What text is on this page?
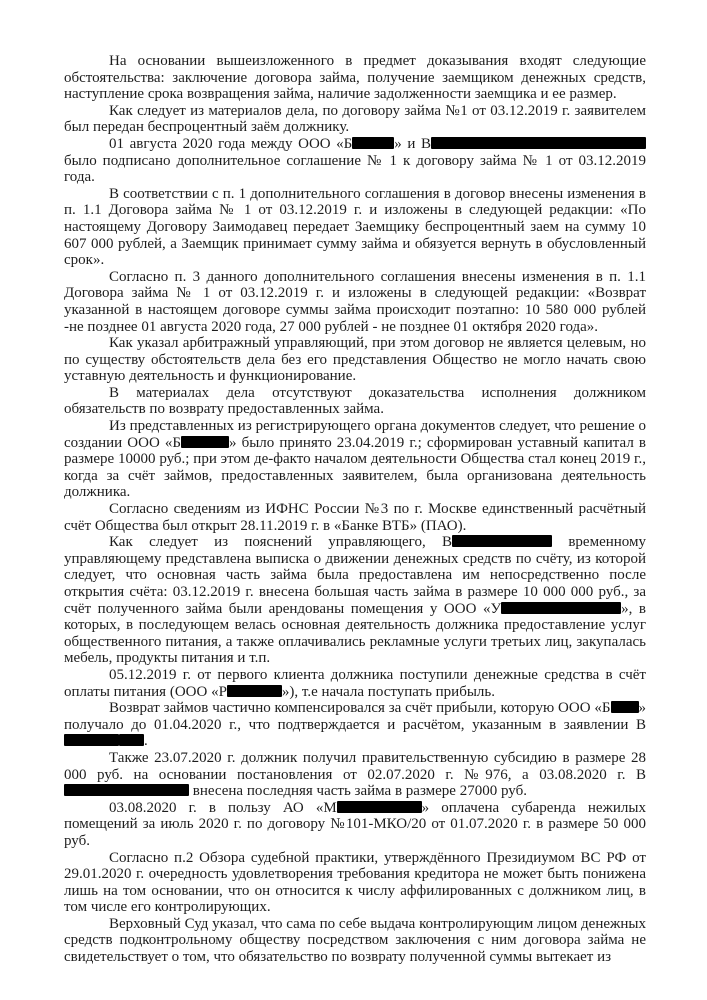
На основании вышеизложенного в предмет доказывания входят следующие обстоятельства: заключение договора займа, получение заемщиком денежных средств, наступление срока возвращения займа, наличие задолженности заемщика и ее размер.

Как следует из материалов дела, по договору займа №1 от 03.12.2019 г. заявителем был передан беспроцентный заём должнику.

01 августа 2020 года между ООО «Б	» и В было подписано дополнительное соглашение № 1 к договору займа № 1 от 03.12.2019 года.

В соответствии с п. 1 дополнительного соглашения в договор внесены изменения в п. 1.1 Договора займа № 1 от 03.12.2019 г. и изложены в следующей редакции: «По настоящему Договору Заимодавец передает Заемщику беспроцентный заем на сумму 10 607 000 рублей, а Заемщик принимает сумму займа и обязуется вернуть в обусловленный срок».

Согласно п. 3 данного дополнительного соглашения внесены изменения в п. 1.1 Договора займа № 1 от 03.12.2019 г. и изложены в следующей редакции: «Возврат указанной в настоящем договоре суммы займа происходит поэтапно: 10 580 000 рублей -не позднее 01 августа 2020 года, 27 000 рублей - не позднее 01 октября 2020 года».

Как указал арбитражный управляющий, при этом договор не является целевым, но по существу обстоятельств дела без его представления Общество не могло начать свою уставную деятельность и функционирование.

В материалах дела отсутствуют доказательства исполнения должником обязательств по возврату предоставленных займа.

Из представленных из регистрирующего органа документов следует, что решение о создании ООО «Б	» было принято 23.04.2019 г.; сформирован уставный капитал в размере 10000 руб.; при этом де-факто началом деятельности Общества стал конец 2019 г., когда за счёт займов, предоставленных заявителем, была организована деятельность должника.

Согласно сведениям из ИФНС России №3 по г. Москве единственный расчётный счёт Общества был открыт 28.11.2019 г. в «Банке ВТБ» (ПАО).

Как следует из пояснений управляющего, В	временному управляющему представлена выписка о движении денежных средств по счёту, из которой следует, что основная часть займа была предоставлена им непосредственно после открытия счёта: 03.12.2019 г. внесена большая часть займа в размере 10 000 000 руб., за счёт полученного займа были арендованы помещения у ООО «У	», в которых, в последующем велась основная деятельность должника предоставление услуг общественного питания, а также оплачивались рекламные услуги третьих лиц, закупалась мебель, продукты питания и т.п.

05.12.2019 г. от первого клиента должника поступили денежные средства в счёт оплаты питания (ООО «Р	»), т.е начала поступать прибыль.

Возврат займов частично компенсировался за счёт прибыли, которую ООО «Б » получало до 01.04.2020 г., что подтверждается и расчётом, указанным в заявлении В.

Также 23.07.2020 г. должник получил правительственную субсидию в размере 28 000 руб. на основании постановления от 02.07.2020 г. №976, а 03.08.2020 г. В внесена последняя часть займа в размере 27000 руб.

03.08.2020 г. в пользу АО «М	» оплачена субаренда нежилых помещений за июль 2020 г. по договору №101-МКО/20 от 01.07.2020 г. в размере 50 000 руб.

Согласно п.2 Обзора судебной практики, утверждённого Президиумом ВС РФ от 29.01.2020 г. очередность удовлетворения требования кредитора не может быть понижена лишь на том основании, что он относится к числу аффилированных с должником лиц, в том числе его контролирующих.

Верховный Суд указал, что сама по себе выдача контролирующим лицом денежных средств подконтрольному обществу посредством заключения с ним договора займа не свидетельствует о том, что обязательство по возврату полученной суммы вытекает из
